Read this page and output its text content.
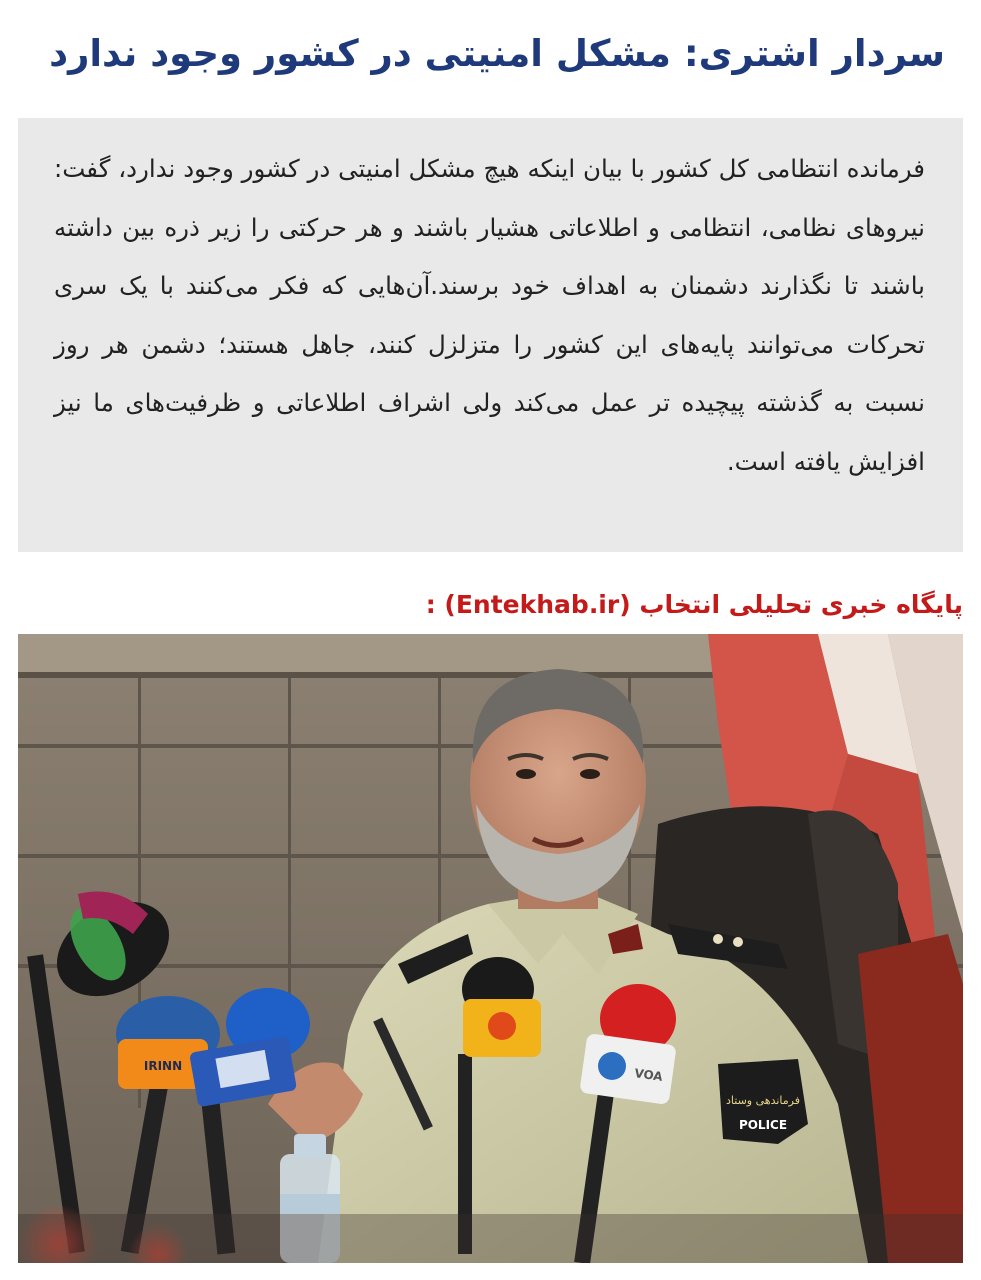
سردار اشتری: مشکل امنیتی در کشور وجود ندارد

فرمانده انتظامی کل کشور با بیان اینکه هیچ مشکل امنیتی در کشور وجود ندارد، گفت: نیروهای نظامی، انتظامی و اطلاعاتی هشیار باشند و هر حرکتی را زیر ذره بین داشته باشند تا نگذارند دشمنان به اهداف خود برسند.آن‌هایی که فکر می‌کنند با یک سری تحرکات می‌توانند پایه‌های این کشور را متزلزل کنند، جاهل هستند؛ دشمن هر روز نسبت به گذشته پیچیده تر عمل می‌کند ولی اشراف اطلاعاتی و ظرفیت‌های ما نیز افزایش یافته است.

پایگاه خبری تحلیلی انتخاب (Entekhab.ir) :

فرماندهی وستاد
POLICE
IRINN
VOA
